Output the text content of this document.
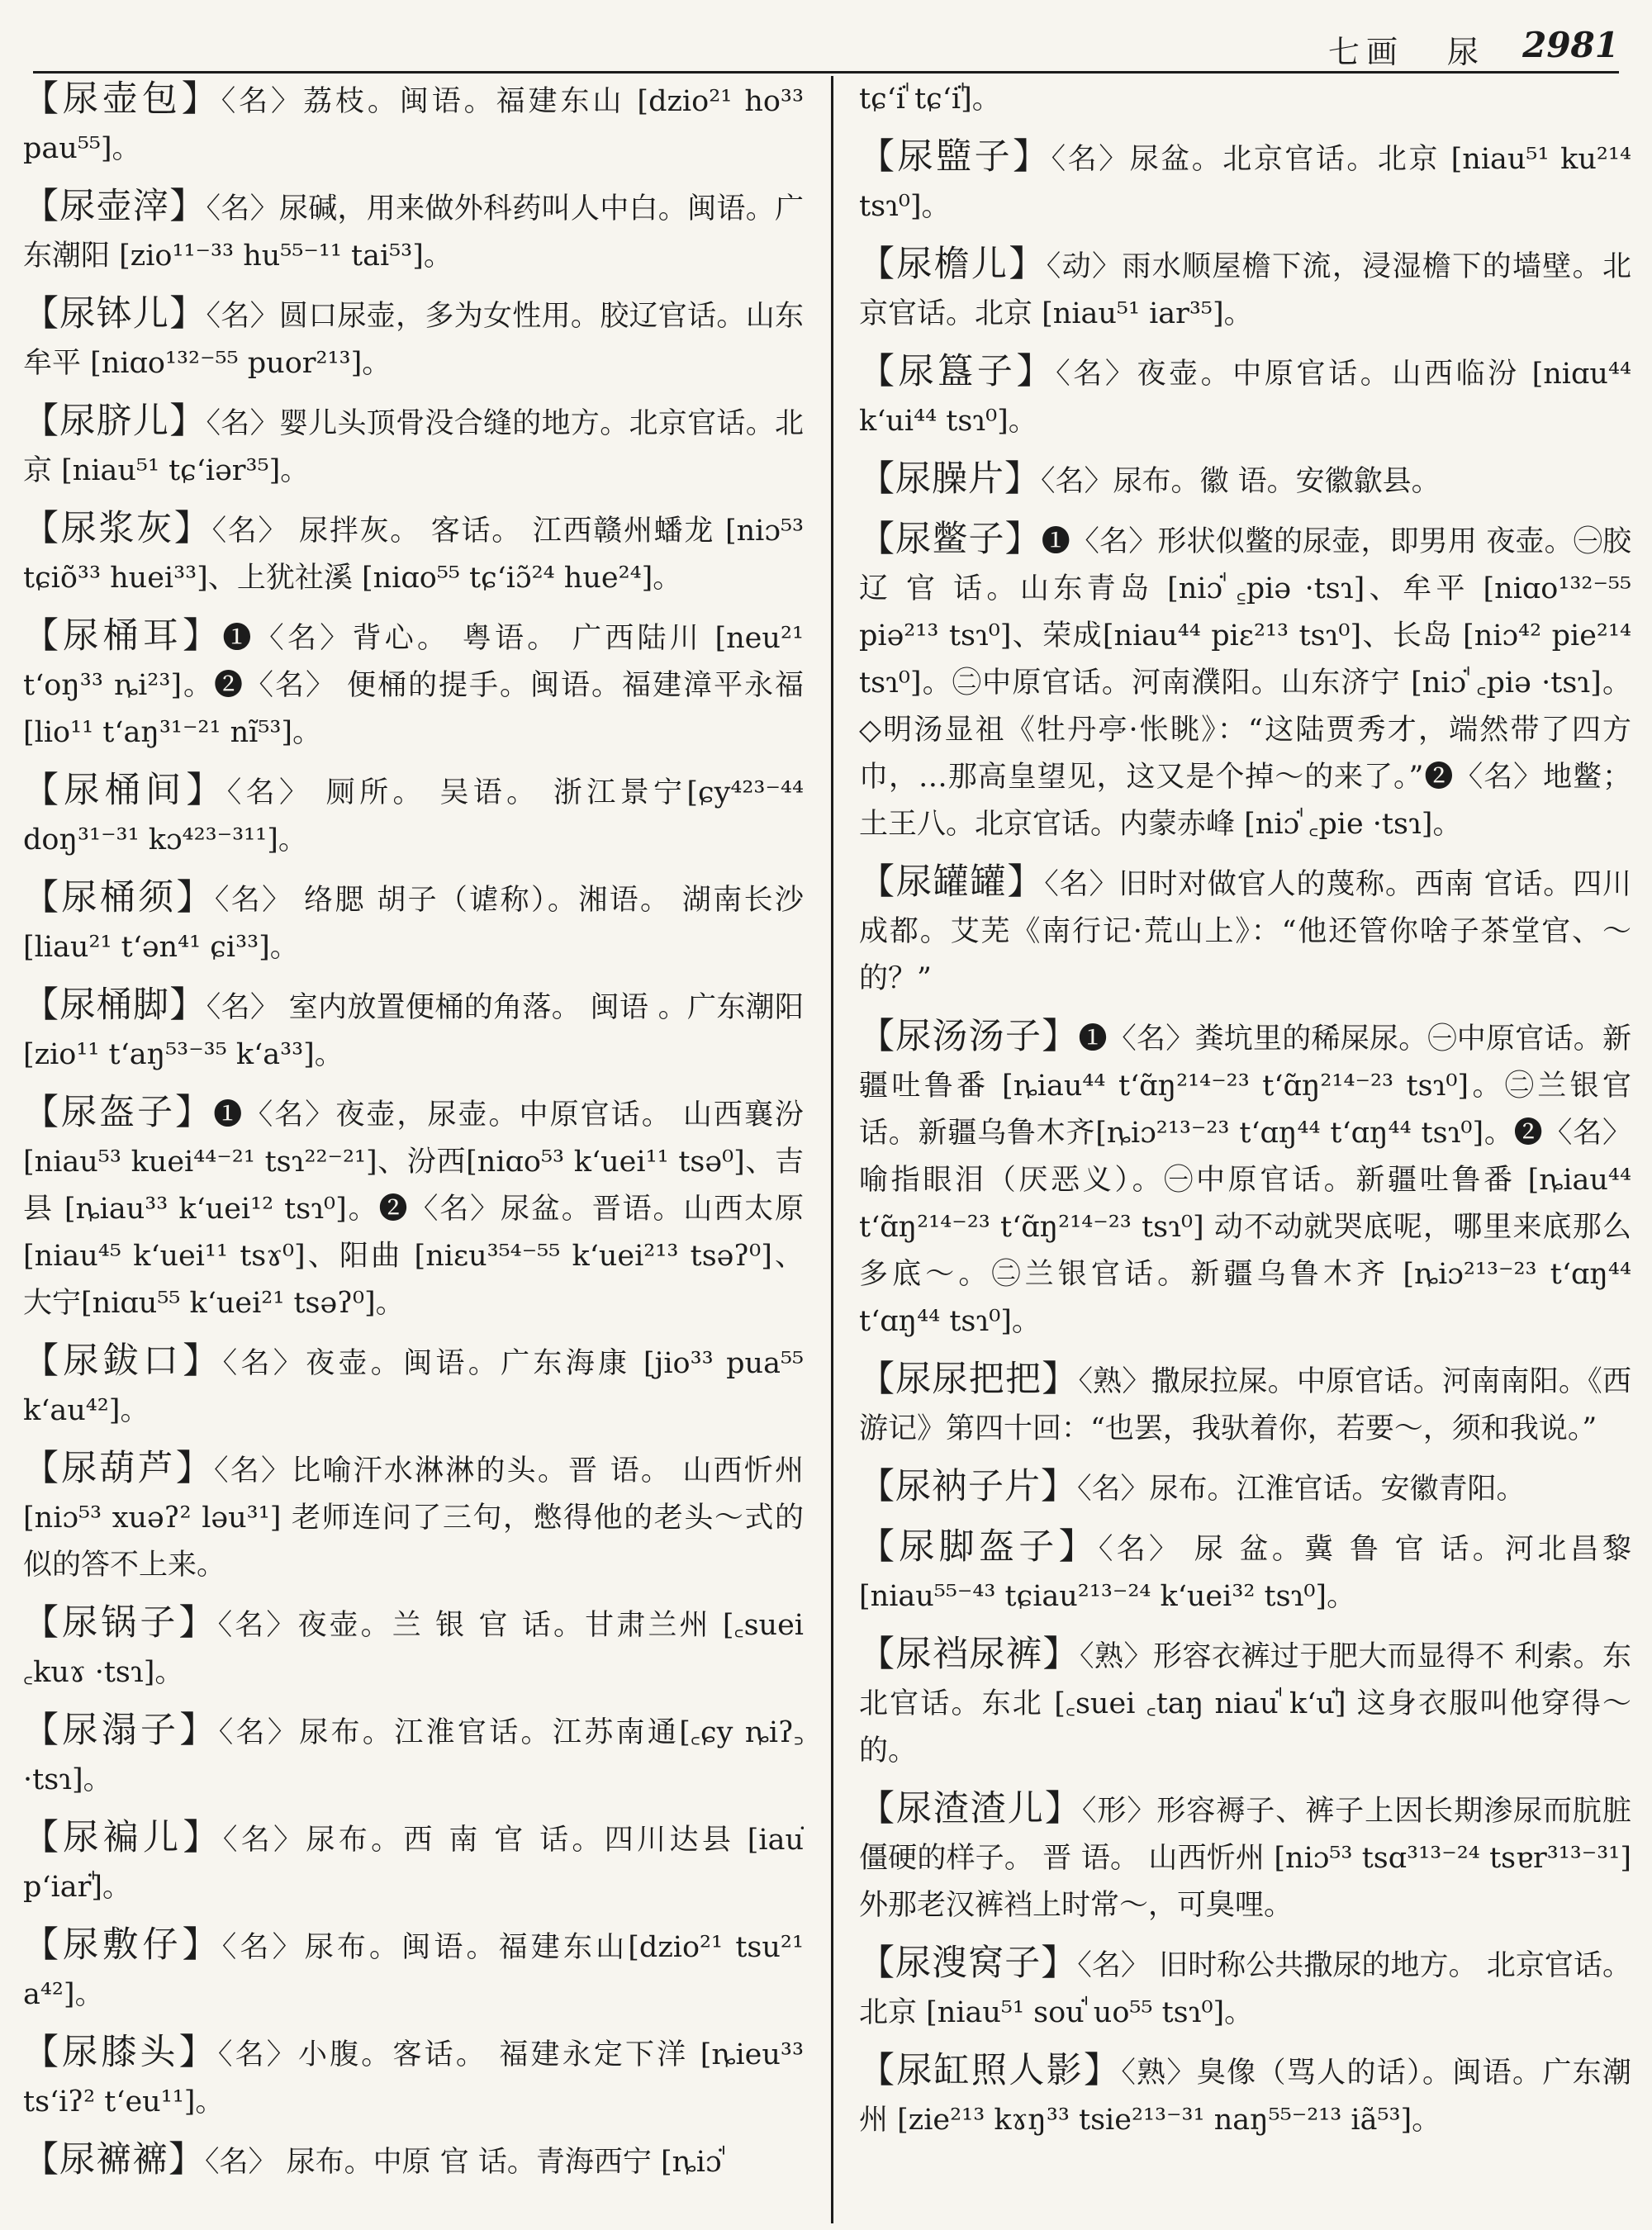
七画 尿 2981

【尿壶包】〈名〉荔枝。闽语。福建东山 [dzio²¹ ho³³ pau⁵⁵]。

【尿壶滓】〈名〉尿碱，用来做外科药叫人中白。闽语。广东潮阳 [zio¹¹⁻³³ hu⁵⁵⁻¹¹ tai⁵³]。

【尿钵儿】〈名〉圆口尿壶，多为女性用。胶辽官话。山东牟平 [niɑo¹³²⁻⁵⁵ puor²¹³]。

【尿脐儿】〈名〉婴儿头顶骨没合缝的地方。北京官话。北京 [niau⁵¹ tɕʻiər³⁵]。

【尿浆灰】〈名〉 尿拌灰。 客话。 江西赣州蟠龙 [niɔ⁵³ tɕiõ³³ huei³³]、上犹社溪 [niɑo⁵⁵ tɕʻiɔ̃²⁴ hue²⁴]。

【尿桶耳】❶〈名〉背心。 粤语。 广西陆川 [neu²¹ tʻoŋ³³ ȵi²³]。❷〈名〉 便桶的提手。闽语。福建漳平永福 [lio¹¹ tʻaŋ³¹⁻²¹ nĩ⁵³]。

【尿桶间】〈名〉 厕所。 吴语。 浙江景宁[ɕy⁴²³⁻⁴⁴ doŋ³¹⁻³¹ kɔ⁴²³⁻³¹¹]。

【尿桶须】〈名〉 络腮 胡子（谑称）。湘语。 湖南长沙 [liau²¹ tʻən⁴¹ ɕi³³]。

【尿桶脚】〈名〉 室内放置便桶的角落。 闽语 。广东潮阳 [zio¹¹ tʻaŋ⁵³⁻³⁵ kʻa³³]。

【尿盔子】❶〈名〉夜壶，尿壶。中原官话。 山西襄汾 [niau⁵³ kuei⁴⁴⁻²¹ tsɿ²²⁻²¹]、汾西[niɑo⁵³ kʻuei¹¹ tsə⁰]、吉县 [ȵiau³³ kʻuei¹² tsɿ⁰]。❷〈名〉尿盆。晋语。山西太原 [niau⁴⁵ kʻuei¹¹ tsɤ⁰]、阳曲 [niɛu³⁵⁴⁻⁵⁵ kʻuei²¹³ tsəʔ⁰]、大宁[niɑu⁵⁵ kʻuei²¹ tsəʔ⁰]。

【尿鈸口】〈名〉夜壶。闽语。广东海康 [jio³³ pua⁵⁵ kʻau⁴²]。

【尿葫芦】〈名〉比喻汗水淋淋的头。晋 语。 山西忻州 [niɔ⁵³ xuəʔ² ləu³¹] 老师连问了三句，憋得他的老头～式的似的答不上来。

【尿锅子】〈名〉夜壶。兰 银 官 话。甘肃兰州 [꜀suei ꜀kuɤ ·tsɿ]。

【尿溻子】〈名〉尿布。江淮官话。江苏南通[꜀ɕy ȵiʔ꜆ ·tsɿ]。

【尿褊儿】〈名〉尿布。西 南 官 话。四川达县 [iauꜗ pʻiarꜗ]。

【尿敷仔】〈名〉尿布。闽语。福建东山[dzio²¹ tsu²¹ a⁴²]。

【尿膝头】〈名〉小腹。客话。 福建永定下洋 [ȵieu³³ tsʻiʔ² tʻeu¹¹]。

【尿褯褯】〈名〉 尿布。中原 官 话。青海西宁 [ȵiɔꜗ

tɕʻiꜗ tɕʻiꜗ]。

【尿盬子】〈名〉尿盆。北京官话。北京 [niau⁵¹ ku²¹⁴ tsɿ⁰]。

【尿檐儿】〈动〉雨水顺屋檐下流，浸湿檐下的墙壁。北京官话。北京 [niau⁵¹ iar³⁵]。

【尿簋子】〈名〉夜壶。中原官话。山西临汾 [niɑu⁴⁴ kʻui⁴⁴ tsɿ⁰]。

【尿臊片】〈名〉尿布。徽 语。安徽歙县。

【尿鳖子】❶〈名〉形状似鳖的尿壶，即男用 夜壶。㊀胶 辽 官 话。山东青岛 [niɔꜗ ꜁piə ·tsɿ]、牟平 [niɑo¹³²⁻⁵⁵ piə²¹³ tsɿ⁰]、荣成[niau⁴⁴ piɛ²¹³ tsɿ⁰]、长岛 [niɔ⁴² pie²¹⁴ tsɿ⁰]。㊁中原官话。河南濮阳。山东济宁 [niɔꜗ ꜀piə ·tsɿ]。◇明汤显祖《牡丹亭·怅眺》：“这陆贾秀才，端然带了四方巾，…那高皇望见，这又是个掉～的来了。”❷〈名〉地鳖；土王八。北京官话。内蒙赤峰 [niɔꜗ ꜀pie ·tsɿ]。

【尿罐罐】〈名〉旧时对做官人的蔑称。西南 官话。四川成都。艾芜《南行记·荒山上》：“他还管你啥子茶堂官、～的？”

【尿汤汤子】❶〈名〉粪坑里的稀屎尿。㊀中原官话。新疆吐鲁番 [ȵiau⁴⁴ tʻɑ̃ŋ²¹⁴⁻²³ tʻɑ̃ŋ²¹⁴⁻²³ tsɿ⁰]。㊁兰银官话。新疆乌鲁木齐[ȵiɔ²¹³⁻²³ tʻɑŋ⁴⁴ tʻɑŋ⁴⁴ tsɿ⁰]。❷〈名〉喻指眼泪（厌恶义）。㊀中原官话。新疆吐鲁番 [ȵiau⁴⁴ tʻɑ̃ŋ²¹⁴⁻²³ tʻɑ̃ŋ²¹⁴⁻²³ tsɿ⁰] 动不动就哭底呢，哪里来底那么多底～。㊁兰银官话。新疆乌鲁木齐 [ȵiɔ²¹³⁻²³ tʻɑŋ⁴⁴ tʻɑŋ⁴⁴ tsɿ⁰]。

【尿尿把把】〈熟〉撒尿拉屎。中原官话。河南南阳。《西游记》第四十回：“也罢，我驮着你，若要～，须和我说。”

【尿衲子片】〈名〉尿布。江淮官话。安徽青阳。

【尿脚盔子】〈名〉 尿 盆。冀 鲁 官 话。河北昌黎 [niau⁵⁵⁻⁴³ tɕiau²¹³⁻²⁴ kʻuei³² tsɿ⁰]。

【尿裆尿裤】〈熟〉形容衣裤过于肥大而显得不 利索。东北官话。东北 [꜀suei ꜀taŋ niauꜗ kʻuꜗ] 这身衣服叫他穿得～的。

【尿渣渣儿】〈形〉形容褥子、裤子上因长期渗尿而肮脏僵硬的样子。 晋 语。 山西忻州 [niɔ⁵³ tsɑ³¹³⁻²⁴ tsɐr³¹³⁻³¹] 外那老汉裤裆上时常～，可臭哩。

【尿溲窝子】〈名〉 旧时称公共撒尿的地方。 北京官话。北京 [niau⁵¹ souꜗ uo⁵⁵ tsɿ⁰]。

【尿缸照人影】〈熟〉臭像（骂人的话）。闽语。广东潮州 [zie²¹³ kɤŋ³³ tsie²¹³⁻³¹ naŋ⁵⁵⁻²¹³ iã⁵³]。
